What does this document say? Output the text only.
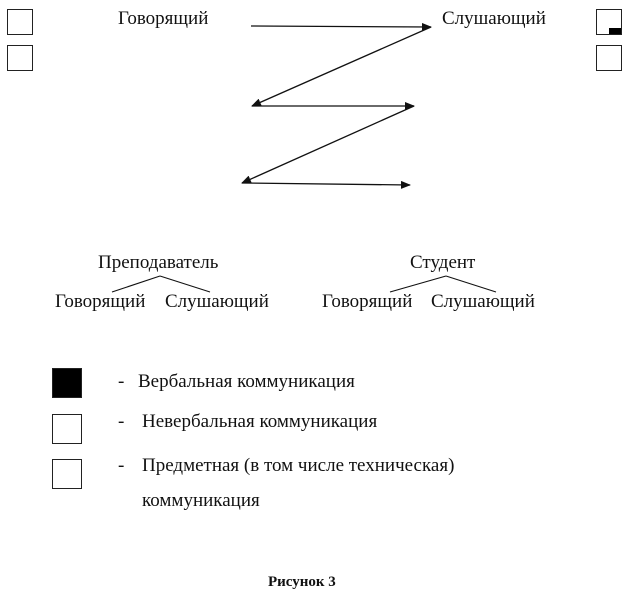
Говорящий	Слушающий
Преподаватель
Говорящий Слушающий
Студент
Говорящий Слушающий
- Вербальная коммуникация
- Невербальная коммуникация
- Предметная (в том числе техническая)
коммуникация
Рисунок 3
